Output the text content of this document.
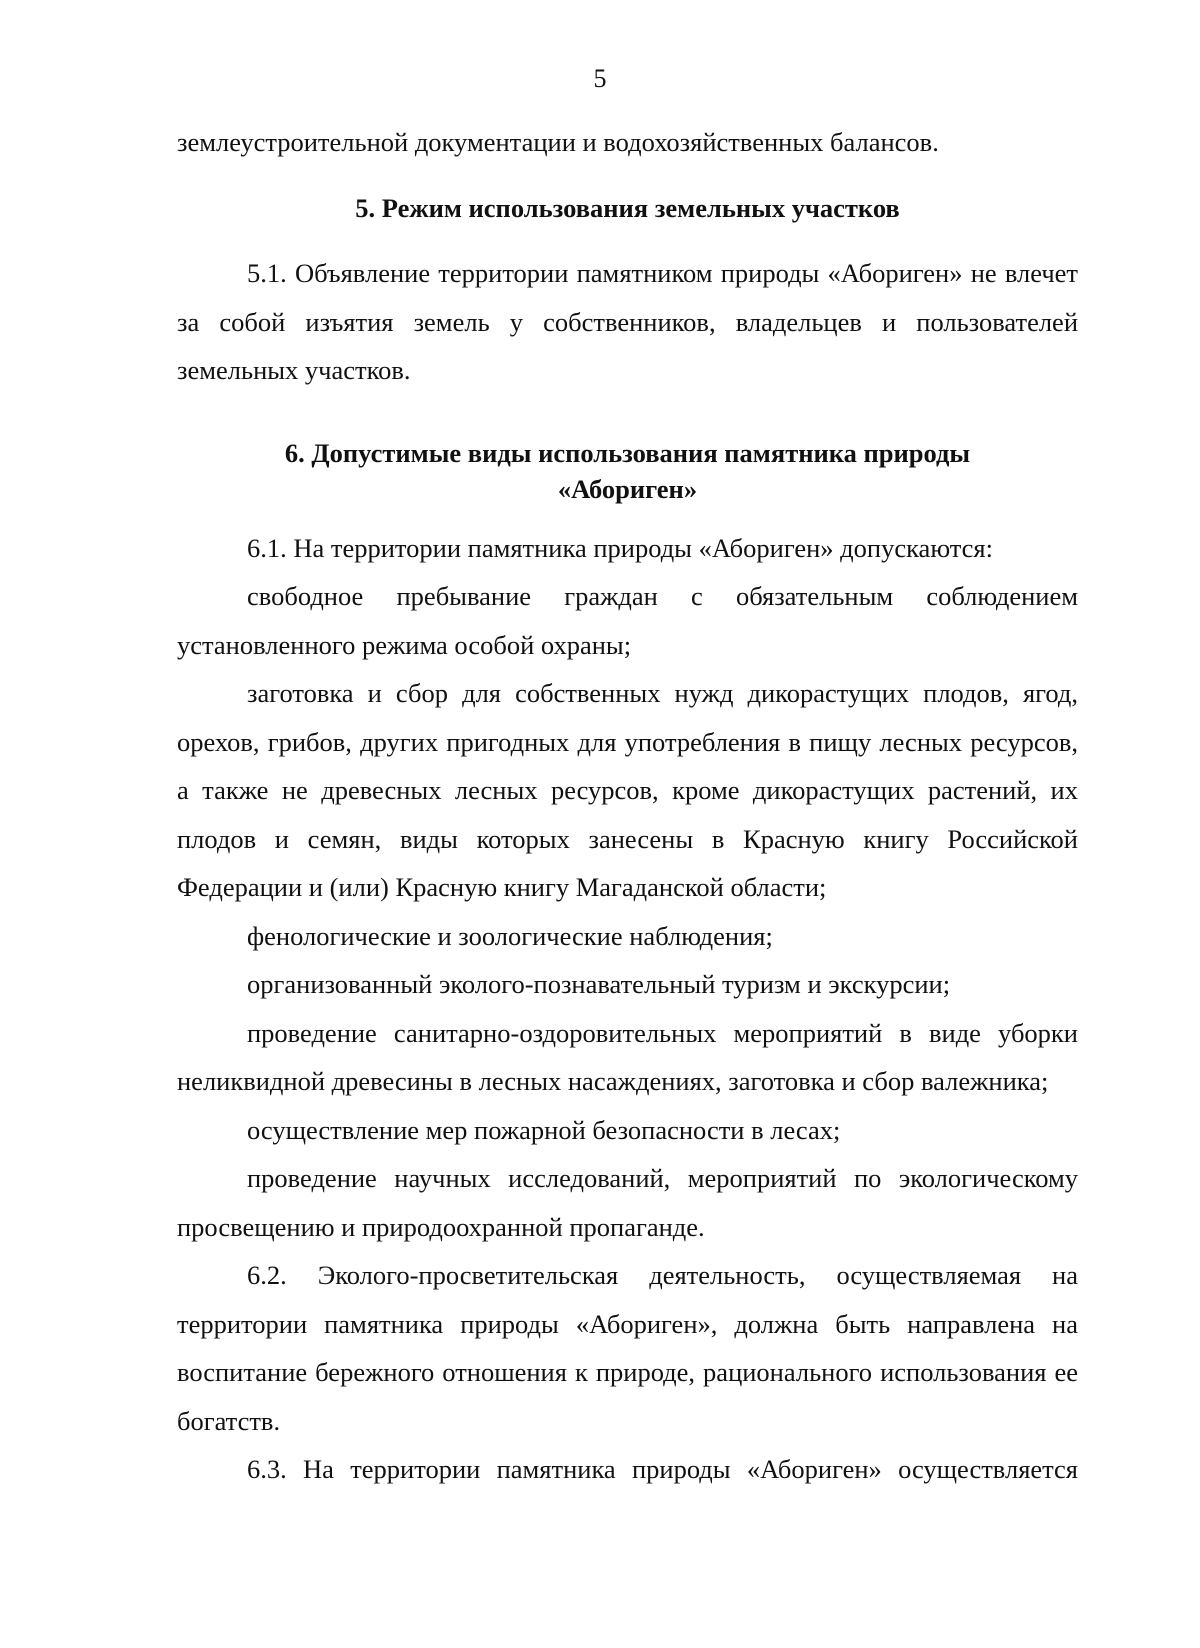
5

землеустроительной документации и водохозяйственных балансов.

5. Режим использования земельных участков

5.1. Объявление территории памятником природы «Абориген» не влечет за собой изъятия земель у собственников, владельцев и пользователей земельных участков.

6. Допустимые виды использования памятника природы
«Абориген»

6.1. На территории памятника природы «Абориген» допускаются:

свободное пребывание граждан с обязательным соблюдением установленного режима особой охраны;

заготовка и сбор для собственных нужд дикорастущих плодов, ягод, орехов, грибов, других пригодных для употребления в пищу лесных ресурсов, а также не древесных лесных ресурсов, кроме дикорастущих растений, их плодов и семян, виды которых занесены в Красную книгу Российской Федерации и (или) Красную книгу Магаданской области;

фенологические и зоологические наблюдения;

организованный эколого-познавательный туризм и экскурсии;

проведение санитарно-оздоровительных мероприятий в виде уборки неликвидной древесины в лесных насаждениях, заготовка и сбор валежника;

осуществление мер пожарной безопасности в лесах;

проведение научных исследований, мероприятий по экологическому просвещению и природоохранной пропаганде.

6.2. Эколого-просветительская деятельность, осуществляемая на территории памятника природы «Абориген», должна быть направлена на воспитание бережного отношения к природе, рационального использования ее богатств.

6.3. На территории памятника природы «Абориген» осуществляется
